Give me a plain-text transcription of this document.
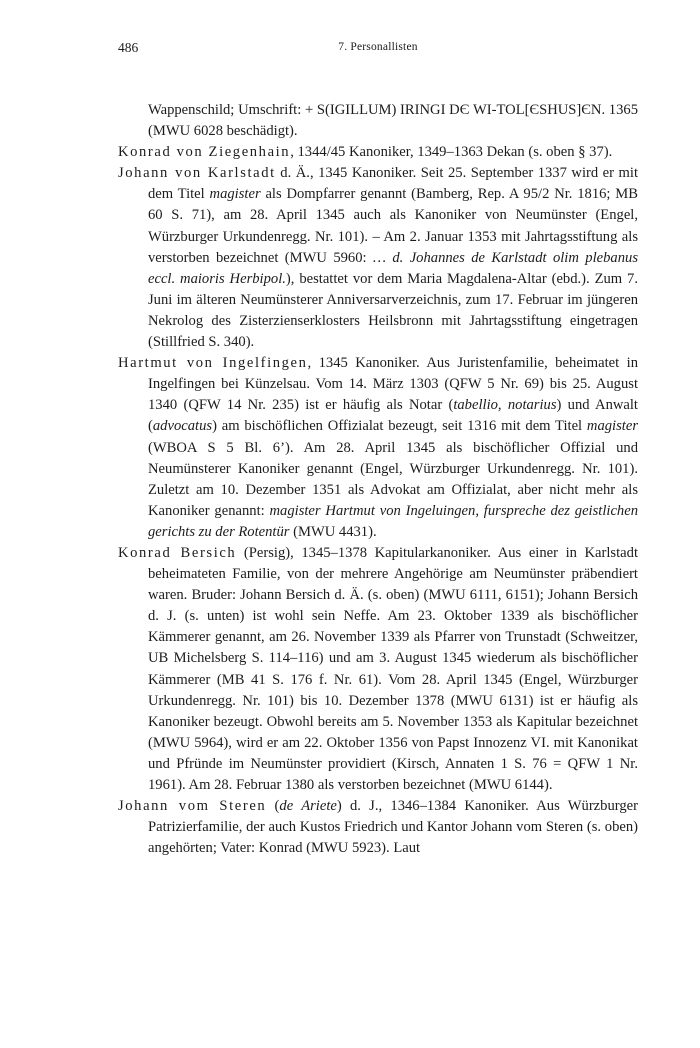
486	7. Personallisten

Wappenschild; Umschrift: + S(IGILLUM) IRINGI DЄ WI-TOL[ЄSHUS]ЄN. 1365 (MWU 6028 beschädigt).

Konrad von Ziegenhain, 1344/45 Kanoniker, 1349–1363 Dekan (s. oben § 37).

Johann von Karlstadt d. Ä., 1345 Kanoniker. Seit 25. September 1337 wird er mit dem Titel magister als Dompfarrer genannt (Bamberg, Rep. A 95/2 Nr. 1816; MB 60 S. 71), am 28. April 1345 auch als Kanoniker von Neumünster (Engel, Würzburger Urkundenregg. Nr. 101). – Am 2. Januar 1353 mit Jahrtagsstiftung als verstorben bezeichnet (MWU 5960: … d. Johannes de Karlstadt olim plebanus eccl. maioris Herbipol.), bestattet vor dem Maria Magdalena-Altar (ebd.). Zum 7. Juni im älteren Neumünsterer Anniversarverzeichnis, zum 17. Februar im jüngeren Nekrolog des Zisterzienserklosters Heilsbronn mit Jahrtagsstiftung eingetragen (Stillfried S. 340).

Hartmut von Ingelfingen, 1345 Kanoniker. Aus Juristenfamilie, beheimatet in Ingelfingen bei Künzelsau. Vom 14. März 1303 (QFW 5 Nr. 69) bis 25. August 1340 (QFW 14 Nr. 235) ist er häufig als Notar (tabellio, notarius) und Anwalt (advocatus) am bischöflichen Offizialat bezeugt, seit 1316 mit dem Titel magister (WBOA S 5 Bl. 6’). Am 28. April 1345 als bischöflicher Offizial und Neumünsterer Kanoniker genannt (Engel, Würzburger Urkundenregg. Nr. 101). Zuletzt am 10. Dezember 1351 als Advokat am Offizialat, aber nicht mehr als Kanoniker genannt: magister Hartmut von Ingeluingen, furspreche dez geistlichen gerichts zu der Rotentür (MWU 4431).

Konrad Bersich (Persig), 1345–1378 Kapitularkanoniker. Aus einer in Karlstadt beheimateten Familie, von der mehrere Angehörige am Neumünster präbendiert waren. Bruder: Johann Bersich d. Ä. (s. oben) (MWU 6111, 6151); Johann Bersich d. J. (s. unten) ist wohl sein Neffe. Am 23. Oktober 1339 als bischöflicher Kämmerer genannt, am 26. November 1339 als Pfarrer von Trunstadt (Schweitzer, UB Michelsberg S. 114–116) und am 3. August 1345 wiederum als bischöflicher Kämmerer (MB 41 S. 176 f. Nr. 61). Vom 28. April 1345 (Engel, Würzburger Urkundenregg. Nr. 101) bis 10. Dezember 1378 (MWU 6131) ist er häufig als Kanoniker bezeugt. Obwohl bereits am 5. November 1353 als Kapitular bezeichnet (MWU 5964), wird er am 22. Oktober 1356 von Papst Innozenz VI. mit Kanonikat und Pfründe im Neumünster providiert (Kirsch, Annaten 1 S. 76 = QFW 1 Nr. 1961). Am 28. Februar 1380 als verstorben bezeichnet (MWU 6144).

Johann vom Steren (de Ariete) d. J., 1346–1384 Kanoniker. Aus Würzburger Patrizierfamilie, der auch Kustos Friedrich und Kantor Johann vom Steren (s. oben) angehörten; Vater: Konrad (MWU 5923). Laut
